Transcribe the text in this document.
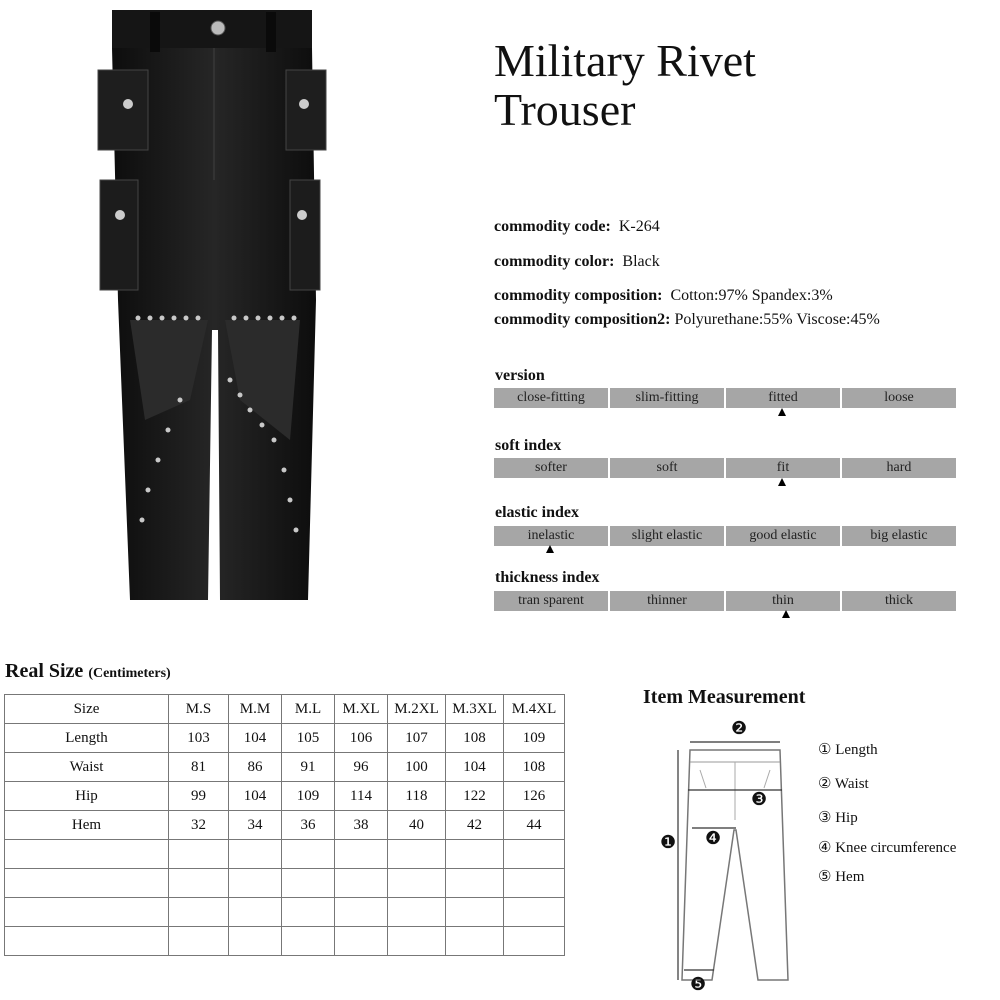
Military Rivet
Trouser
commodity code: K-264
commodity color: Black
commodity composition: Cotton:97% Spandex:3%
commodity composition2: Polyurethane:55% Viscose:45%
version
close-fitting	slim-fitting	fitted	loose
soft index
softer	soft	fit	hard
elastic index
inelastic	slight elastic	good elastic	big elastic
thickness index
tran sparent	thinner	thin	thick
Real Size (Centimeters)
Size	M.S	M.M	M.L	M.XL	M.2XL	M.3XL	M.4XL
Length	103	104	105	106	107	108	109
Waist	81	86	91	96	100	104	108
Hip	99	104	109	114	118	122	126
Hem	32	34	36	38	40	42	44

Item Measurement
❶
❷
❸
❹
❺
① Length
② Waist
③ Hip
④ Knee circumference
⑤ Hem
